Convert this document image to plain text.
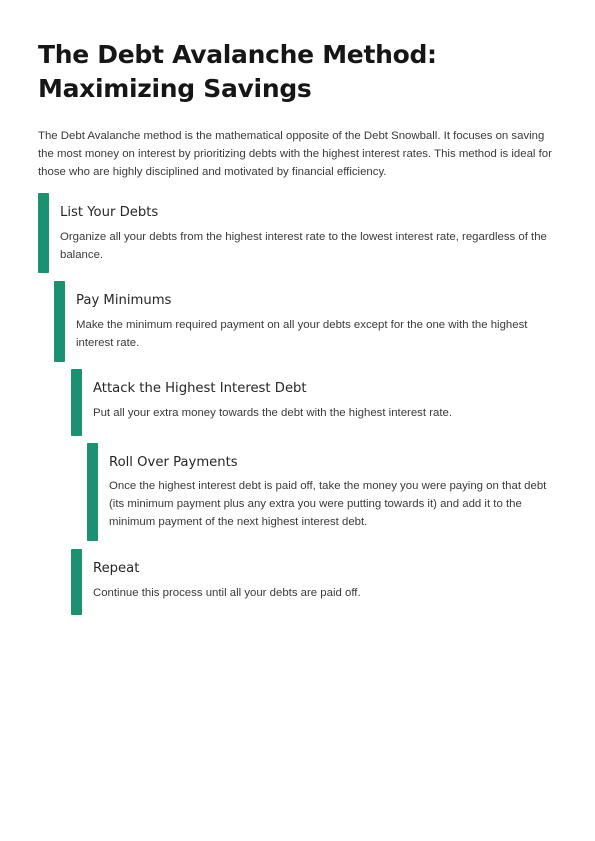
The Debt Avalanche Method: Maximizing Savings

The Debt Avalanche method is the mathematical opposite of the Debt Snowball. It focuses on saving the most money on interest by prioritizing debts with the highest interest rates. This method is ideal for those who are highly disciplined and motivated by financial efficiency.

List Your Debts

Organize all your debts from the highest interest rate to the lowest interest rate, regardless of the balance.

Pay Minimums

Make the minimum required payment on all your debts except for the one with the highest interest rate.

Attack the Highest Interest Debt

Put all your extra money towards the debt with the highest interest rate.

Roll Over Payments

Once the highest interest debt is paid off, take the money you were paying on that debt (its minimum payment plus any extra you were putting towards it) and add it to the minimum payment of the next highest interest debt.

Repeat

Continue this process until all your debts are paid off.
